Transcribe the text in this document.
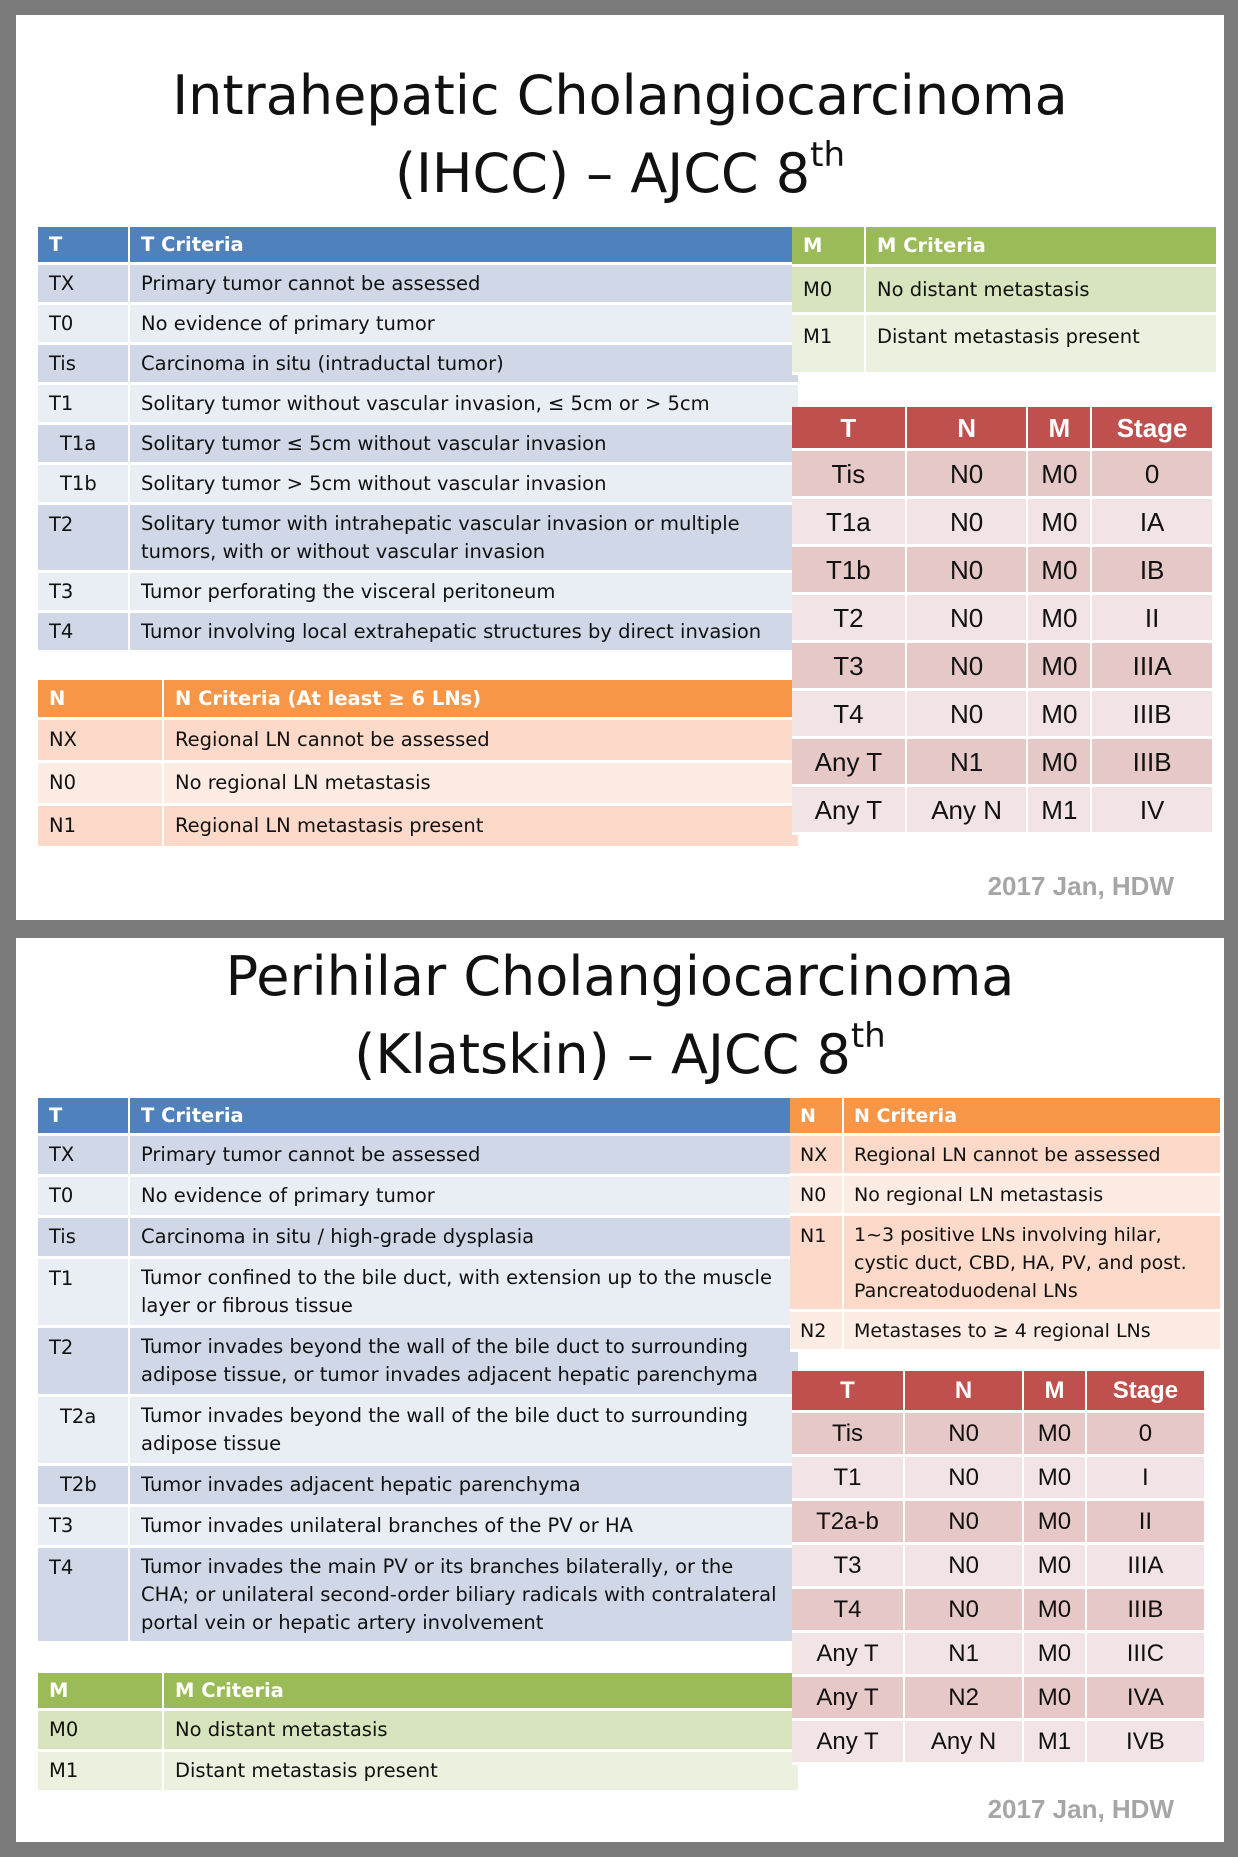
Intrahepatic Cholangiocarcinoma
(IHCC) – AJCC 8th
T	T Criteria
TX	Primary tumor cannot be assessed
T0	No evidence of primary tumor
Tis	Carcinoma in situ (intraductal tumor)
T1	Solitary tumor without vascular invasion, ≤ 5cm or > 5cm
T1a	Solitary tumor ≤ 5cm without vascular invasion
T1b	Solitary tumor > 5cm without vascular invasion
T2	Solitary tumor with intrahepatic vascular invasion or multiple tumors, with or without vascular invasion
T3	Tumor perforating the visceral peritoneum
T4	Tumor involving local extrahepatic structures by direct invasion
N	N Criteria (At least ≥ 6 LNs)
NX	Regional LN cannot be assessed
N0	No regional LN metastasis
N1	Regional LN metastasis present
M	M Criteria
M0	No distant metastasis
M1	Distant metastasis present
T	N	M	Stage
Tis	N0	M0	0
T1a	N0	M0	IA
T1b	N0	M0	IB
T2	N0	M0	II
T3	N0	M0	IIIA
T4	N0	M0	IIIB
Any T	N1	M0	IIIB
Any T	Any N	M1	IV
2017 Jan, HDW
Perihilar Cholangiocarcinoma
(Klatskin) – AJCC 8th
T	T Criteria
TX	Primary tumor cannot be assessed
T0	No evidence of primary tumor
Tis	Carcinoma in situ / high-grade dysplasia
T1	Tumor confined to the bile duct, with extension up to the muscle layer or fibrous tissue
T2	Tumor invades beyond the wall of the bile duct to surrounding adipose tissue, or tumor invades adjacent hepatic parenchyma
T2a	Tumor invades beyond the wall of the bile duct to surrounding adipose tissue
T2b	Tumor invades adjacent hepatic parenchyma
T3	Tumor invades unilateral branches of the PV or HA
T4	Tumor invades the main PV or its branches bilaterally, or the CHA; or unilateral second-order biliary radicals with contralateral portal vein or hepatic artery involvement
M	M Criteria
M0	No distant metastasis
M1	Distant metastasis present
N	N Criteria
NX	Regional LN cannot be assessed
N0	No regional LN metastasis
N1	1~3 positive LNs involving hilar, cystic duct, CBD, HA, PV, and post. Pancreatoduodenal LNs
N2	Metastases to ≥ 4 regional LNs
T	N	M	Stage
Tis	N0	M0	0
T1	N0	M0	I
T2a-b	N0	M0	II
T3	N0	M0	IIIA
T4	N0	M0	IIIB
Any T	N1	M0	IIIC
Any T	N2	M0	IVA
Any T	Any N	M1	IVB
2017 Jan, HDW
